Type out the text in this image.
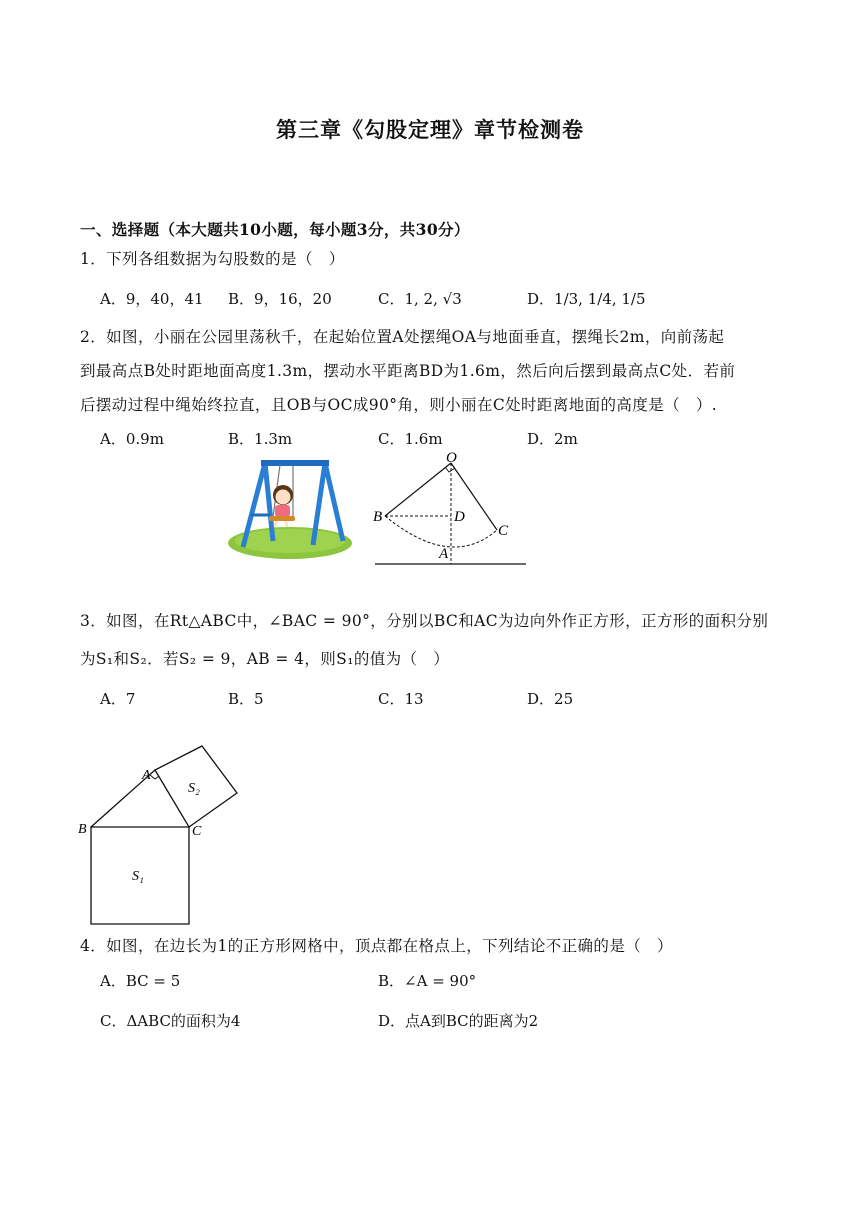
第三章《勾股定理》章节检测卷
一、选择题（本大题共10小题，每小题3分，共30分）
1．下列各组数据为勾股数的是（　）
A．9，40，41 B．9，16，20	C．1, 2, √3	D．1/3, 1/4, 1/5
2．如图，小丽在公园里荡秋千，在起始位置A处摆绳OA与地面垂直，摆绳长2m，向前荡起
到最高点B处时距地面高度1.3m，摆动水平距离BD为1.6m，然后向后摆到最高点C处．若前
后摆动过程中绳始终拉直，且OB与OC成90°角，则小丽在C处时距离地面的高度是（　）.
A．0.9m	B．1.3m	C．1.6m	D．2m
O
B	D
C
A
3．如图，在Rt△ABC中，∠BAC = 90°，分别以BC和AC为边向外作正方形，正方形的面积分别
为S₁和S₂．若S₂ = 9，AB = 4，则S₁的值为（　）
A．7	B．5	C．13	D．25
A
B	C
S₁
S₂
4．如图，在边长为1的正方形网格中，顶点都在格点上，下列结论不正确的是（　）
A．BC = 5	B．∠A = 90°
C．ΔABC的面积为4	D．点A到BC的距离为2
